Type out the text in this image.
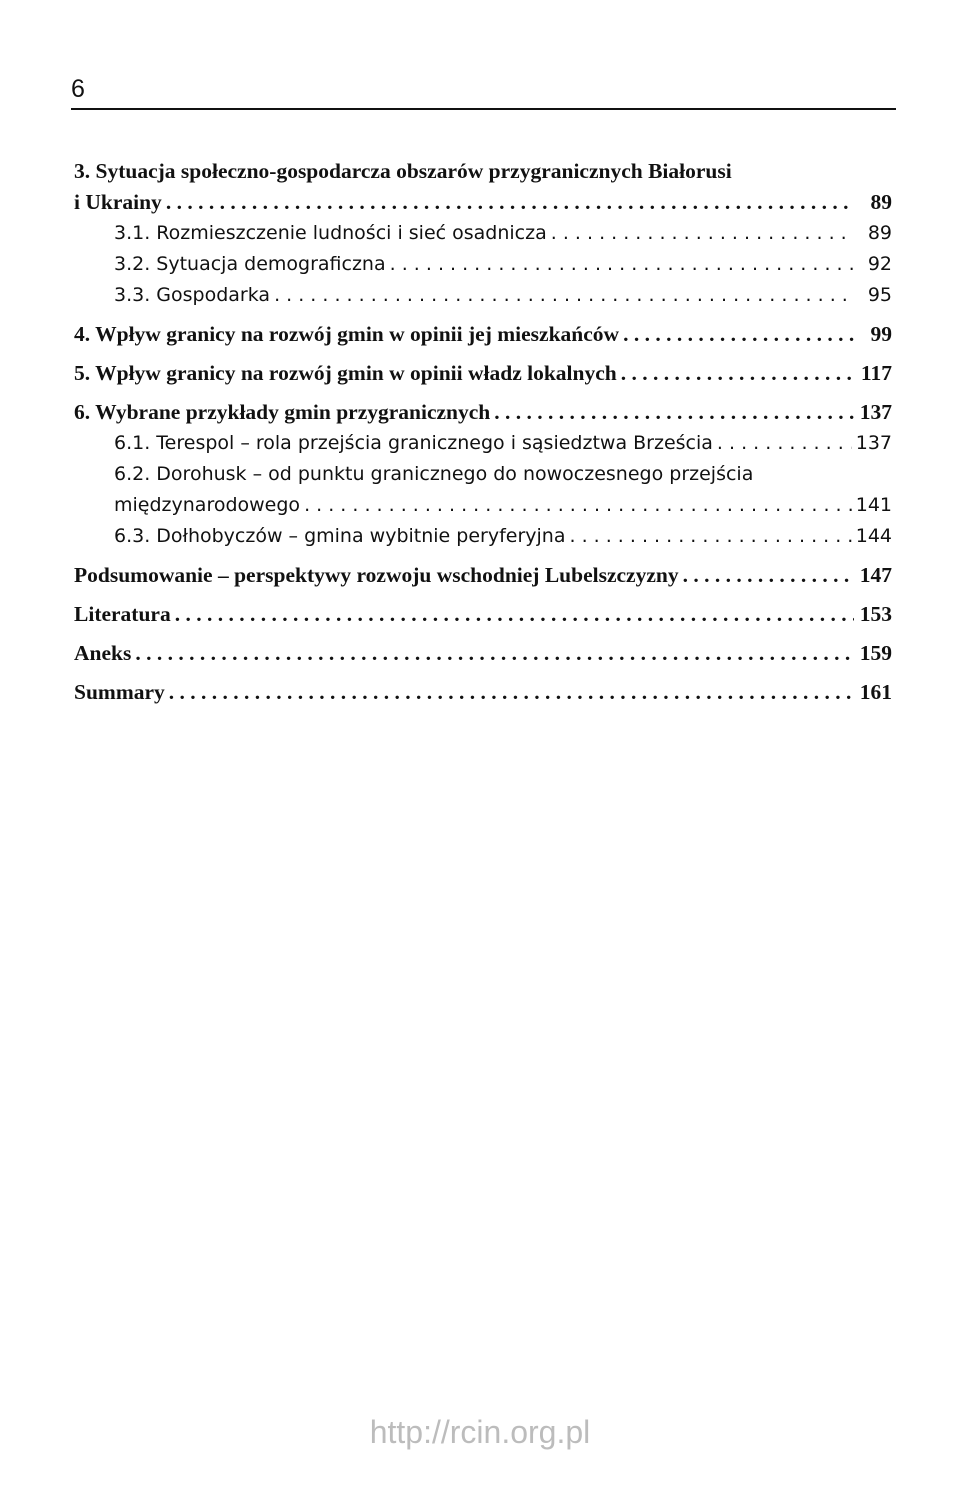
6
3. Sytuacja społeczno-gospodarcza obszarów przygranicznych Białorusi
i Ukrainy . . .	89
3.1. Rozmieszczenie ludności i sieć osadnicza . . .	89
3.2. Sytuacja demograficzna . . .	92
3.3. Gospodarka . . .	95
4. Wpływ granicy na rozwój gmin w opinii jej mieszkańców . . .	99
5. Wpływ granicy na rozwój gmin w opinii władz lokalnych . . .	117
6. Wybrane przykłady gmin przygranicznych . . .	137
6.1. Terespol – rola przejścia granicznego i sąsiedztwa Brześcia . . .	137
6.2. Dorohusk – od punktu granicznego do nowoczesnego przejścia
międzynarodowego . . .	141
6.3. Dołhobyczów – gmina wybitnie peryferyjna . . .	144
Podsumowanie – perspektywy rozwoju wschodniej Lubelszczyzny . . .	147
Literatura . . .	153
Aneks . . .	159
Summary . . .	161
http://rcin.org.pl
